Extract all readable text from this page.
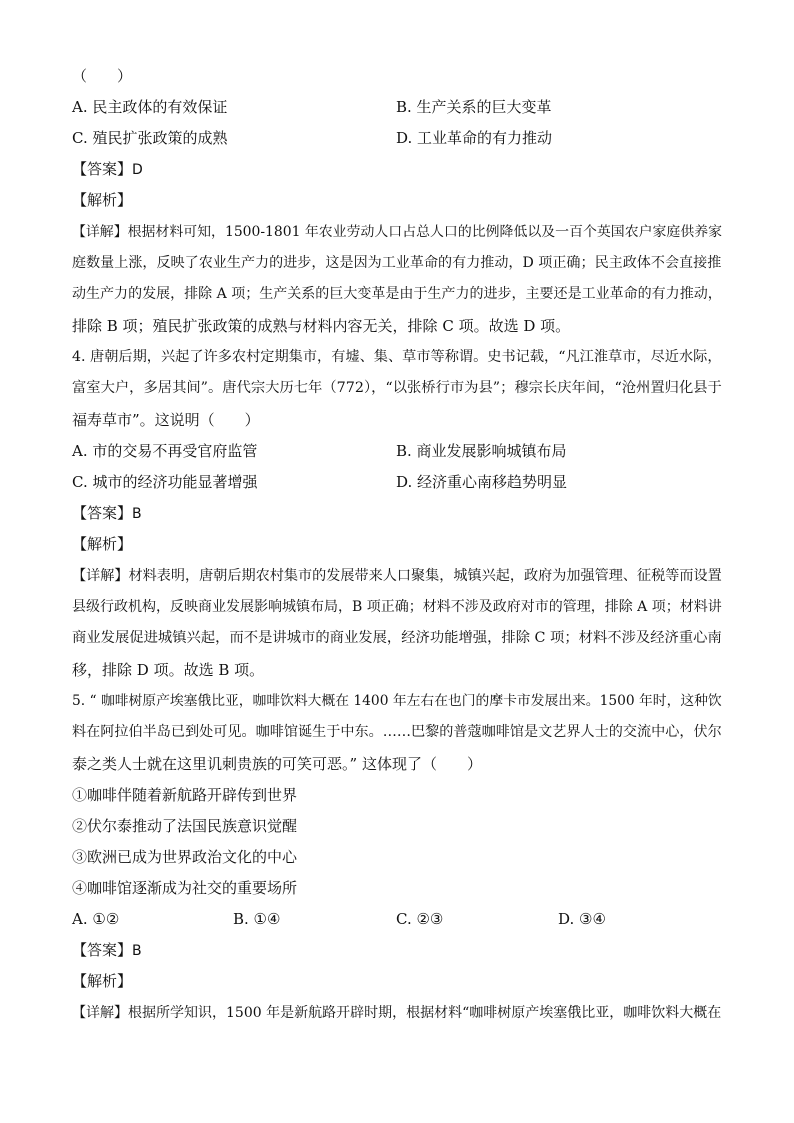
（　　）
A. 民主政体的有效保证	B. 生产关系的巨大变革
C. 殖民扩张政策的成熟	D. 工业革命的有力推动
【答案】D
【解析】
【详解】根据材料可知，1500-1801 年农业劳动人口占总人口的比例降低以及一百个英国农户家庭供养家
庭数量上涨，反映了农业生产力的进步，这是因为工业革命的有力推动，D 项正确；民主政体不会直接推
动生产力的发展，排除 A 项；生产关系的巨大变革是由于生产力的进步，主要还是工业革命的有力推动，
排除 B 项；殖民扩张政策的成熟与材料内容无关，排除 C 项。故选 D 项。
4. 唐朝后期，兴起了许多农村定期集市，有墟、集、草市等称谓。史书记载，“凡江淮草市，尽近水际，
富室大户，多居其间”。唐代宗大历七年（772），“以张桥行市为县”；穆宗长庆年间，“沧州置归化县于
福寿草市”。这说明（　　）
A. 市的交易不再受官府监管	B. 商业发展影响城镇布局
C. 城市的经济功能显著增强	D. 经济重心南移趋势明显
【答案】B
【解析】
【详解】材料表明，唐朝后期农村集市的发展带来人口聚集，城镇兴起，政府为加强管理、征税等而设置
县级行政机构，反映商业发展影响城镇布局，B 项正确；材料不涉及政府对市的管理，排除 A 项；材料讲
商业发展促进城镇兴起，而不是讲城市的商业发展，经济功能增强，排除 C 项；材料不涉及经济重心南
移，排除 D 项。故选 B 项。
5. “ 咖啡树原产埃塞俄比亚，咖啡饮料大概在 1400 年左右在也门的摩卡市发展出来。1500 年时，这种饮
料在阿拉伯半岛已到处可见。咖啡馆诞生于中东。……巴黎的普蔻咖啡馆是文艺界人士的交流中心，伏尔
泰之类人士就在这里讥刺贵族的可笑可恶。” 这体现了（　　）
①咖啡伴随着新航路开辟传到世界
②伏尔泰推动了法国民族意识觉醒
③欧洲已成为世界政治文化的中心
④咖啡馆逐渐成为社交的重要场所
A. ①②	B. ①④	C. ②③	D. ③④
【答案】B
【解析】
【详解】根据所学知识，1500 年是新航路开辟时期，根据材料“咖啡树原产埃塞俄比亚，咖啡饮料大概在
